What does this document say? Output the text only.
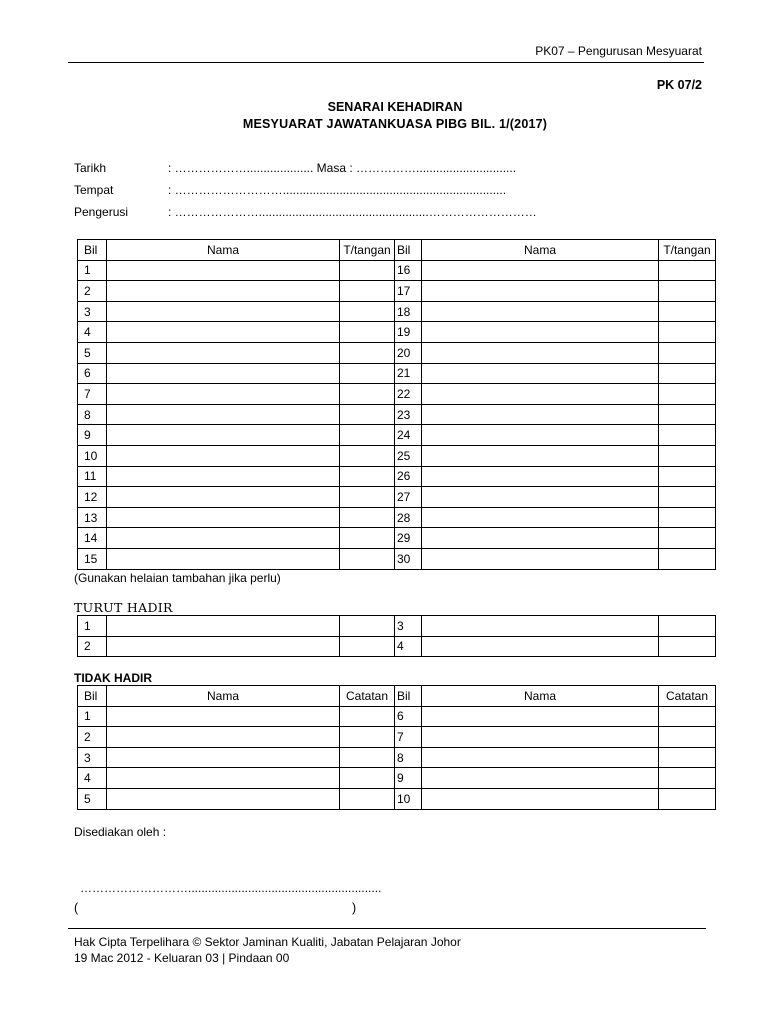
PK07 – Pengurusan Mesyuarat
PK 07/2
SENARAI KEHADIRAN
MESYUARAT JAWATANKUASA PIBG BIL. 1/(2017)
Tarikh	: ……………….................... Masa : ……………..............................
Tempat	: ………………………...................................................................
Pengerusi	: …………………...................................................………………………
Bil	Nama	T/tangan	Bil	Nama	T/tangan
1			16		
2			17		
3			18		
4			19		
5			20		
6			21		
7			22		
8			23		
9			24		
10			25		
11			26		
12			27		
13			28		
14			29		
15			30		
(Gunakan helaian tambahan jika perlu)
TURUT HADIR
1			3		
2			4		
TIDAK HADIR
Bil	Nama	Catatan	Bil	Nama	Catatan
1			6		
2			7		
3			8		
4			9		
5			10		
Disediakan oleh :
………………………..........................................................
(	)
Hak Cipta Terpelihara © Sektor Jaminan Kualiti, Jabatan Pelajaran Johor
19 Mac 2012 - Keluaran 03 | Pindaan 00
